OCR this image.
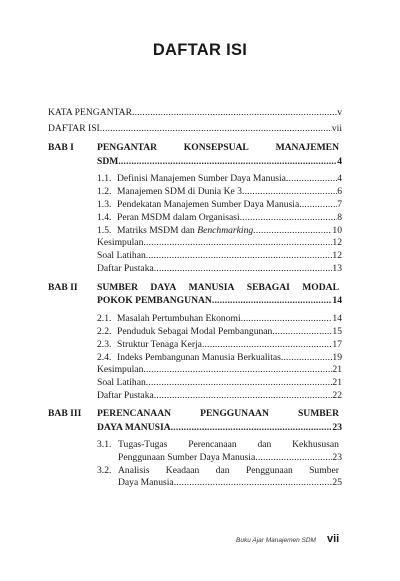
DAFTAR ISI
KATA PENGANTAR .....	v
DAFTAR ISI .....	vii
BAB I PENGANTAR	KONSEPSUAL	MANAJEMEN
SDM .....	4
1.1. Definisi Manajemen Sumber Daya Manusia .....	4
1.2. Manajemen SDM di Dunia Ke 3 .....	6
1.3. Pendekatan Manajemen Sumber Daya Manusia .....	7
1.4. Peran MSDM dalam Organisasi .....	8
1.5. Matriks MSDM dan Benchmarking .....	10
Kesimpulan .....	12
Soal Latihan .....	12
Daftar Pustaka .....	13
BAB II SUMBER DAYA MANUSIA SEBAGAI MODAL
POKOK PEMBANGUNAN .....	14
2.1. Masalah Pertumbuhan Ekonomi .....	14
2.2. Penduduk Sebagai Modal Pembangunan .....	15
2.3. Struktur Tenaga Kerja .....	17
2.4. Indeks Pembangunan Manusia Berkualitas .....	19
Kesimpulan .....	21
Soal Latihan .....	21
Daftar Pustaka .....	22
BAB III PERENCANAAN	PENGGUNAAN	SUMBER
DAYA MANUSIA .....	23
3.1. Tugas-Tugas Perencanaan dan Kekhususan
Penggunaan Sumber Daya Manusia .....	23
3.2. Analisis Keadaan dan Penggunaan Sumber
Daya Manusia .....	25
Buku Ajar Manajemen SDM vii
